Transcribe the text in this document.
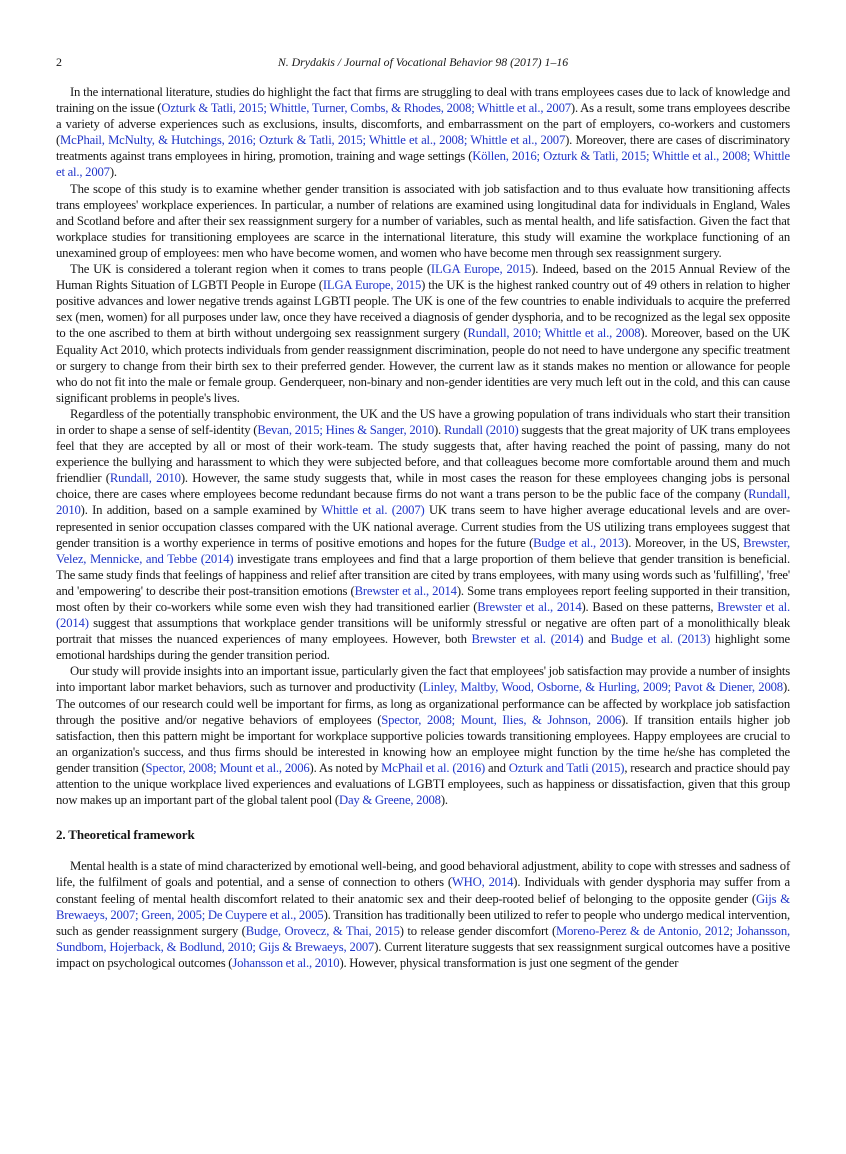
2	N. Drydakis / Journal of Vocational Behavior 98 (2017) 1–16

In the international literature, studies do highlight the fact that firms are struggling to deal with trans employees cases due to lack of knowledge and training on the issue (Ozturk & Tatli, 2015; Whittle, Turner, Combs, & Rhodes, 2008; Whittle et al., 2007). As a result, some trans employees describe a variety of adverse experiences such as exclusions, insults, discomforts, and embarrassment on the part of employers, co-workers and customers (McPhail, McNulty, & Hutchings, 2016; Ozturk & Tatli, 2015; Whittle et al., 2008; Whittle et al., 2007). Moreover, there are cases of discriminatory treatments against trans employees in hiring, promotion, training and wage settings (Köllen, 2016; Ozturk & Tatli, 2015; Whittle et al., 2008; Whittle et al., 2007).

The scope of this study is to examine whether gender transition is associated with job satisfaction and to thus evaluate how transitioning affects trans employees' workplace experiences. In particular, a number of relations are examined using longitudinal data for individuals in England, Wales and Scotland before and after their sex reassignment surgery for a number of variables, such as mental health, and life satisfaction. Given the fact that workplace studies for transitioning employees are scarce in the international literature, this study will examine the workplace functioning of an unexamined group of employees: men who have become women, and women who have become men through sex reassignment surgery.

The UK is considered a tolerant region when it comes to trans people (ILGA Europe, 2015). Indeed, based on the 2015 Annual Review of the Human Rights Situation of LGBTI People in Europe (ILGA Europe, 2015) the UK is the highest ranked country out of 49 others in relation to higher positive advances and lower negative trends against LGBTI people. The UK is one of the few countries to enable individuals to acquire the preferred sex (men, women) for all purposes under law, once they have received a diagnosis of gender dysphoria, and to be recognized as the legal sex opposite to the one ascribed to them at birth without undergoing sex reassignment surgery (Rundall, 2010; Whittle et al., 2008). Moreover, based on the UK Equality Act 2010, which protects individuals from gender reassignment discrimination, people do not need to have undergone any specific treatment or surgery to change from their birth sex to their preferred gender. However, the current law as it stands makes no mention or allowance for people who do not fit into the male or female group. Genderqueer, non-binary and non-gender identities are very much left out in the cold, and this can cause significant problems in people's lives.

Regardless of the potentially transphobic environment, the UK and the US have a growing population of trans individuals who start their transition in order to shape a sense of self-identity (Bevan, 2015; Hines & Sanger, 2010). Rundall (2010) suggests that the great majority of UK trans employees feel that they are accepted by all or most of their work-team. The study suggests that, after having reached the point of passing, many do not experience the bullying and harassment to which they were subjected before, and that colleagues become more comfortable around them and much friendlier (Rundall, 2010). However, the same study suggests that, while in most cases the reason for these employees changing jobs is personal choice, there are cases where employees become redundant because firms do not want a trans person to be the public face of the company (Rundall, 2010). In addition, based on a sample examined by Whittle et al. (2007) UK trans seem to have higher average educational levels and are over-represented in senior occupation classes compared with the UK national average. Current studies from the US utilizing trans employees suggest that gender transition is a worthy experience in terms of positive emotions and hopes for the future (Budge et al., 2013). Moreover, in the US, Brewster, Velez, Mennicke, and Tebbe (2014) investigate trans employees and find that a large proportion of them believe that gender transition is beneficial. The same study finds that feelings of happiness and relief after transition are cited by trans employees, with many using words such as 'fulfilling', 'free' and 'empowering' to describe their post-transition emotions (Brewster et al., 2014). Some trans employees report feeling supported in their transition, most often by their co-workers while some even wish they had transitioned earlier (Brewster et al., 2014). Based on these patterns, Brewster et al. (2014) suggest that assumptions that workplace gender transitions will be uniformly stressful or negative are often part of a monolithically bleak portrait that misses the nuanced experiences of many employees. However, both Brewster et al. (2014) and Budge et al. (2013) highlight some emotional hardships during the gender transition period.

Our study will provide insights into an important issue, particularly given the fact that employees' job satisfaction may provide a number of insights into important labor market behaviors, such as turnover and productivity (Linley, Maltby, Wood, Osborne, & Hurling, 2009; Pavot & Diener, 2008). The outcomes of our research could well be important for firms, as long as organizational performance can be affected by workplace job satisfaction through the positive and/or negative behaviors of employees (Spector, 2008; Mount, Ilies, & Johnson, 2006). If transition entails higher job satisfaction, then this pattern might be important for workplace supportive policies towards transitioning employees. Happy employees are crucial to an organization's success, and thus firms should be interested in knowing how an employee might function by the time he/she has completed the gender transition (Spector, 2008; Mount et al., 2006). As noted by McPhail et al. (2016) and Ozturk and Tatli (2015), research and practice should pay attention to the unique workplace lived experiences and evaluations of LGBTI employees, such as happiness or dissatisfaction, given that this group now makes up an important part of the global talent pool (Day & Greene, 2008).

2. Theoretical framework

Mental health is a state of mind characterized by emotional well-being, and good behavioral adjustment, ability to cope with stresses and sadness of life, the fulfilment of goals and potential, and a sense of connection to others (WHO, 2014). Individuals with gender dysphoria may suffer from a constant feeling of mental health discomfort related to their anatomic sex and their deep-rooted belief of belonging to the opposite gender (Gijs & Brewaeys, 2007; Green, 2005; De Cuypere et al., 2005). Transition has traditionally been utilized to refer to people who undergo medical intervention, such as gender reassignment surgery (Budge, Orovecz, & Thai, 2015) to release gender discomfort (Moreno-Perez & de Antonio, 2012; Johansson, Sundbom, Hojerback, & Bodlund, 2010; Gijs & Brewaeys, 2007). Current literature suggests that sex reassignment surgical outcomes have a positive impact on psychological outcomes (Johansson et al., 2010). However, physical transformation is just one segment of the gender
